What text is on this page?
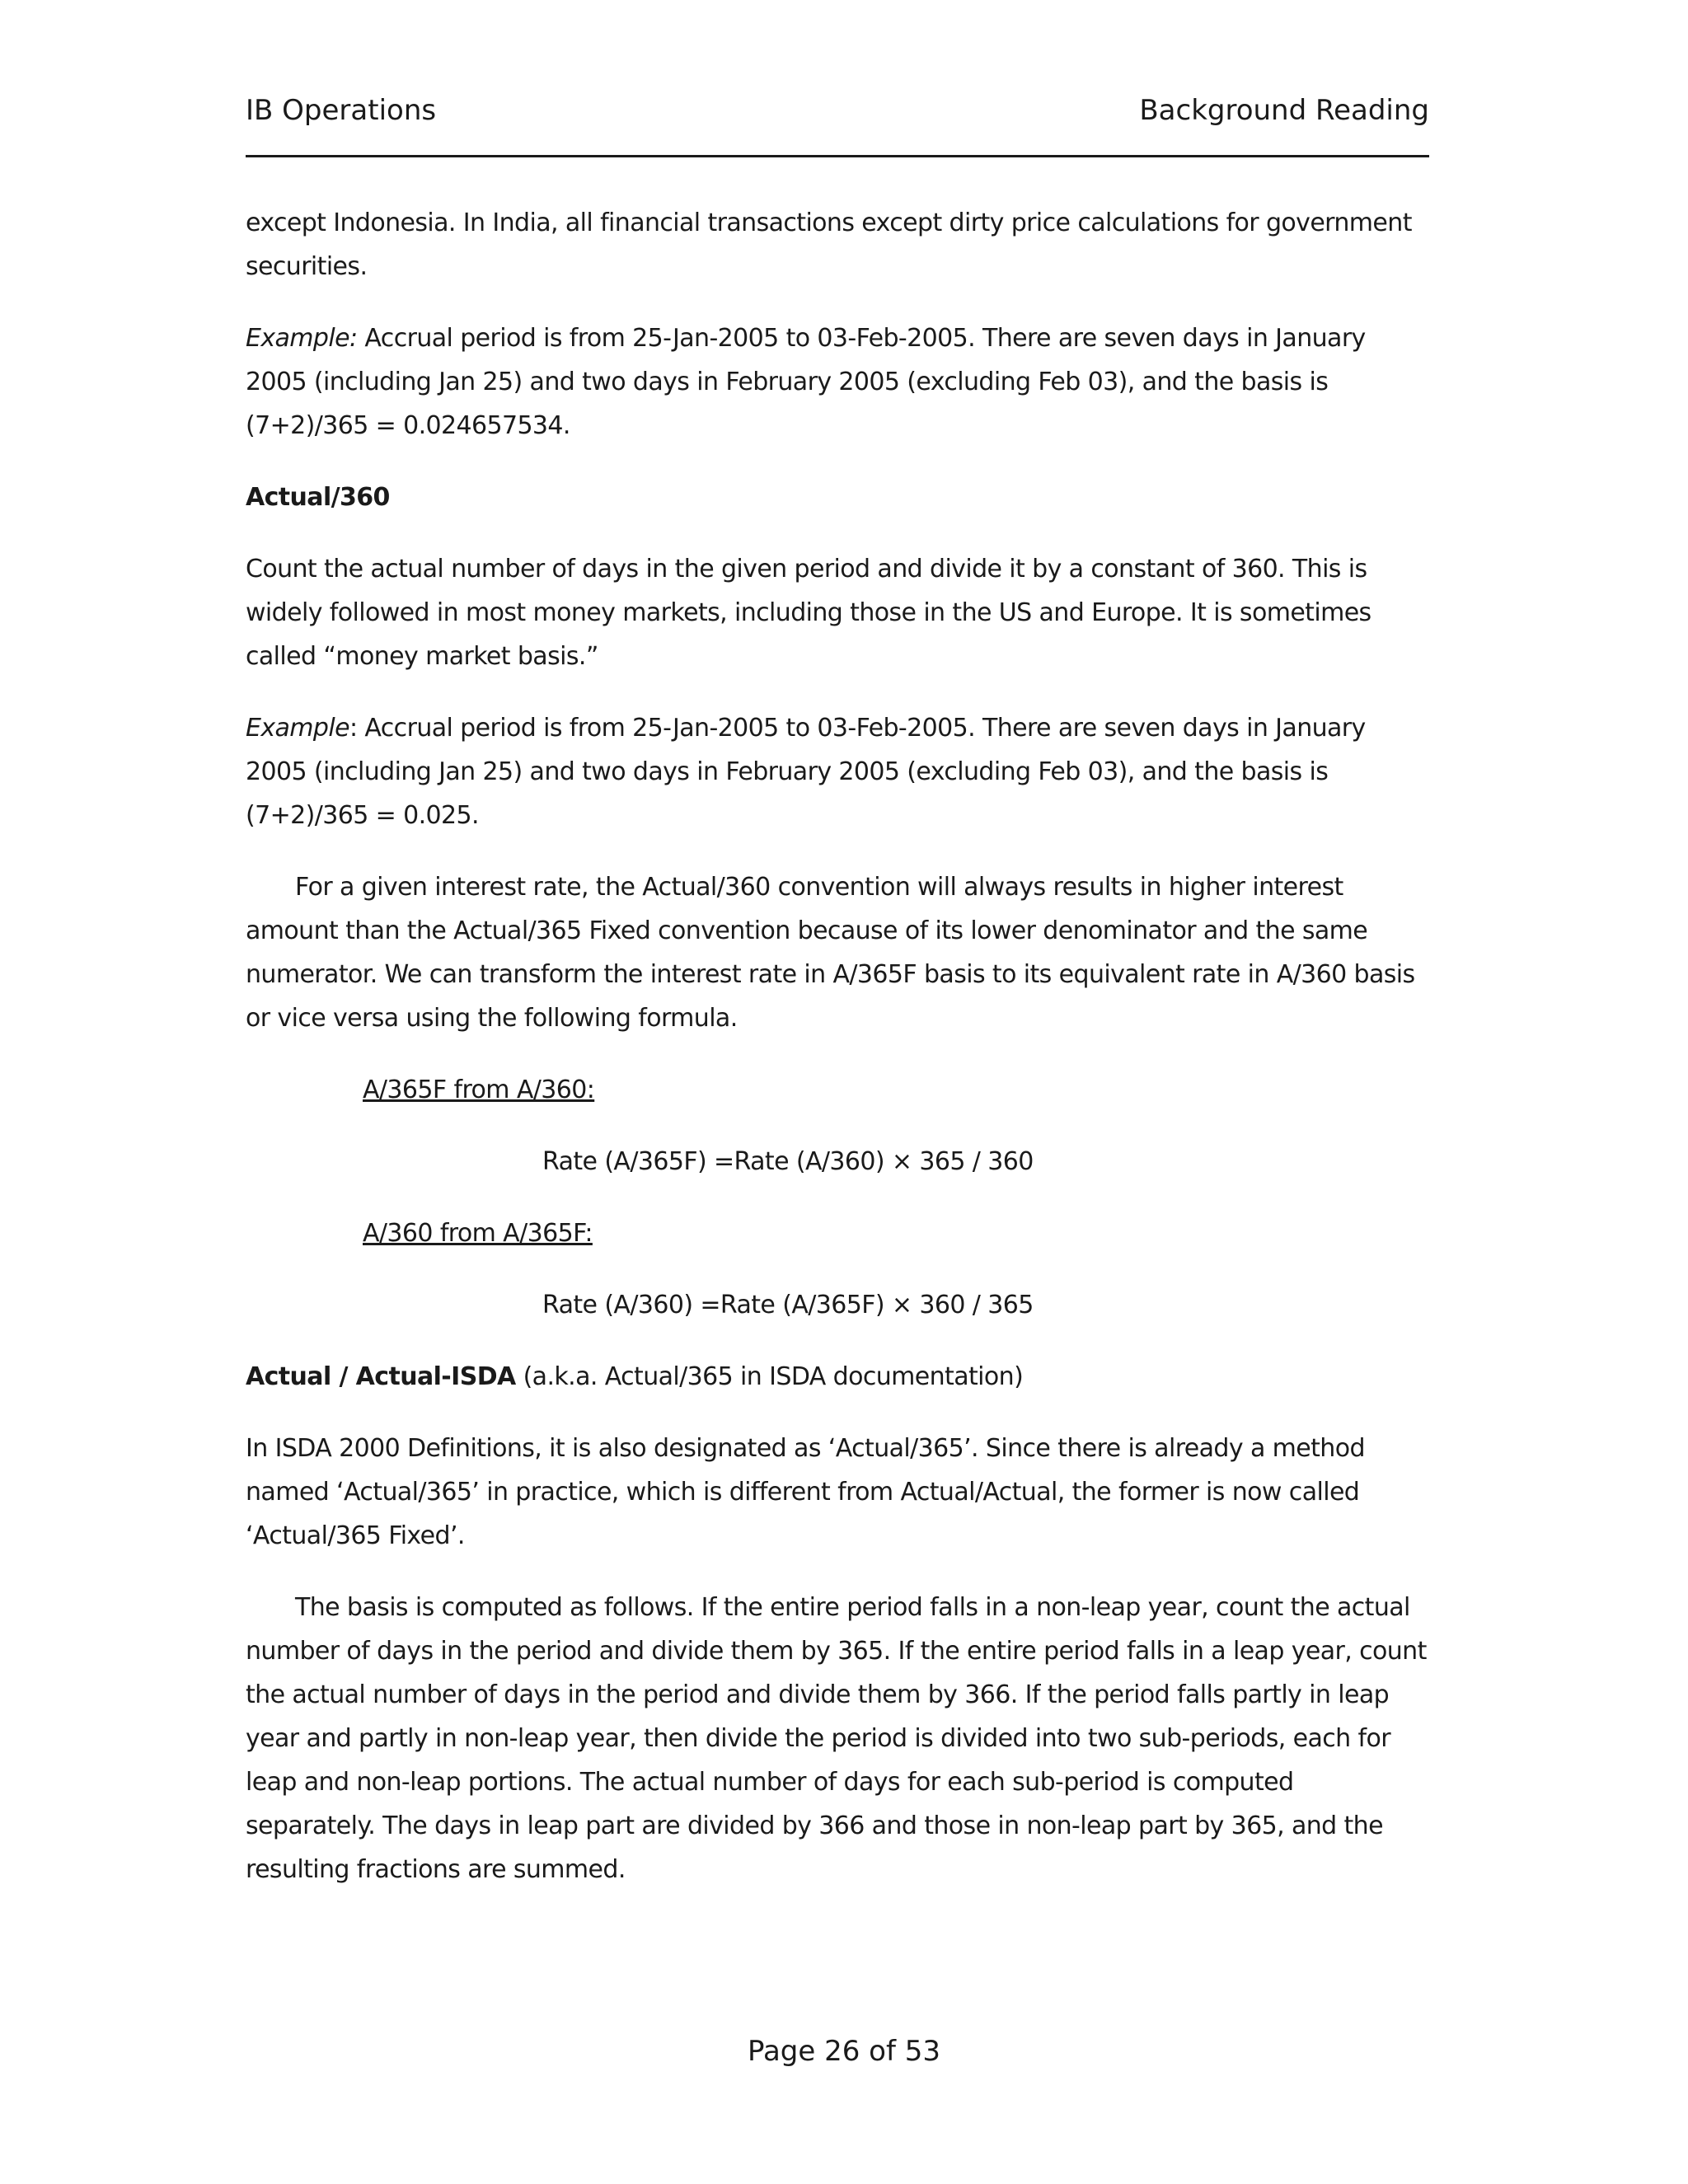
IB Operations	Background Reading

except Indonesia. In India, all financial transactions except dirty price calculations for government securities.

Example: Accrual period is from 25-Jan-2005 to 03-Feb-2005. There are seven days in January 2005 (including Jan 25) and two days in February 2005 (excluding Feb 03), and the basis is (7+2)/365 = 0.024657534.

Actual/360

Count the actual number of days in the given period and divide it by a constant of 360. This is widely followed in most money markets, including those in the US and Europe. It is sometimes called “money market basis.”

Example: Accrual period is from 25-Jan-2005 to 03-Feb-2005. There are seven days in January 2005 (including Jan 25) and two days in February 2005 (excluding Feb 03), and the basis is (7+2)/365 = 0.025.

For a given interest rate, the Actual/360 convention will always results in higher interest amount than the Actual/365 Fixed convention because of its lower denominator and the same numerator. We can transform the interest rate in A/365F basis to its equivalent rate in A/360 basis or vice versa using the following formula.

A/365F from A/360:

Rate (A/365F) =Rate (A/360) × 365 / 360

A/360 from A/365F:

Rate (A/360) =Rate (A/365F) × 360 / 365

Actual / Actual-ISDA (a.k.a. Actual/365 in ISDA documentation)

In ISDA 2000 Definitions, it is also designated as ‘Actual/365’. Since there is already a method named ‘Actual/365’ in practice, which is different from Actual/Actual, the former is now called ‘Actual/365 Fixed’.

The basis is computed as follows. If the entire period falls in a non-leap year, count the actual number of days in the period and divide them by 365. If the entire period falls in a leap year, count the actual number of days in the period and divide them by 366. If the period falls partly in leap year and partly in non-leap year, then divide the period is divided into two sub-periods, each for leap and non-leap portions. The actual number of days for each sub-period is computed separately. The days in leap part are divided by 366 and those in non-leap part by 365, and the resulting fractions are summed.

Page 26 of 53
